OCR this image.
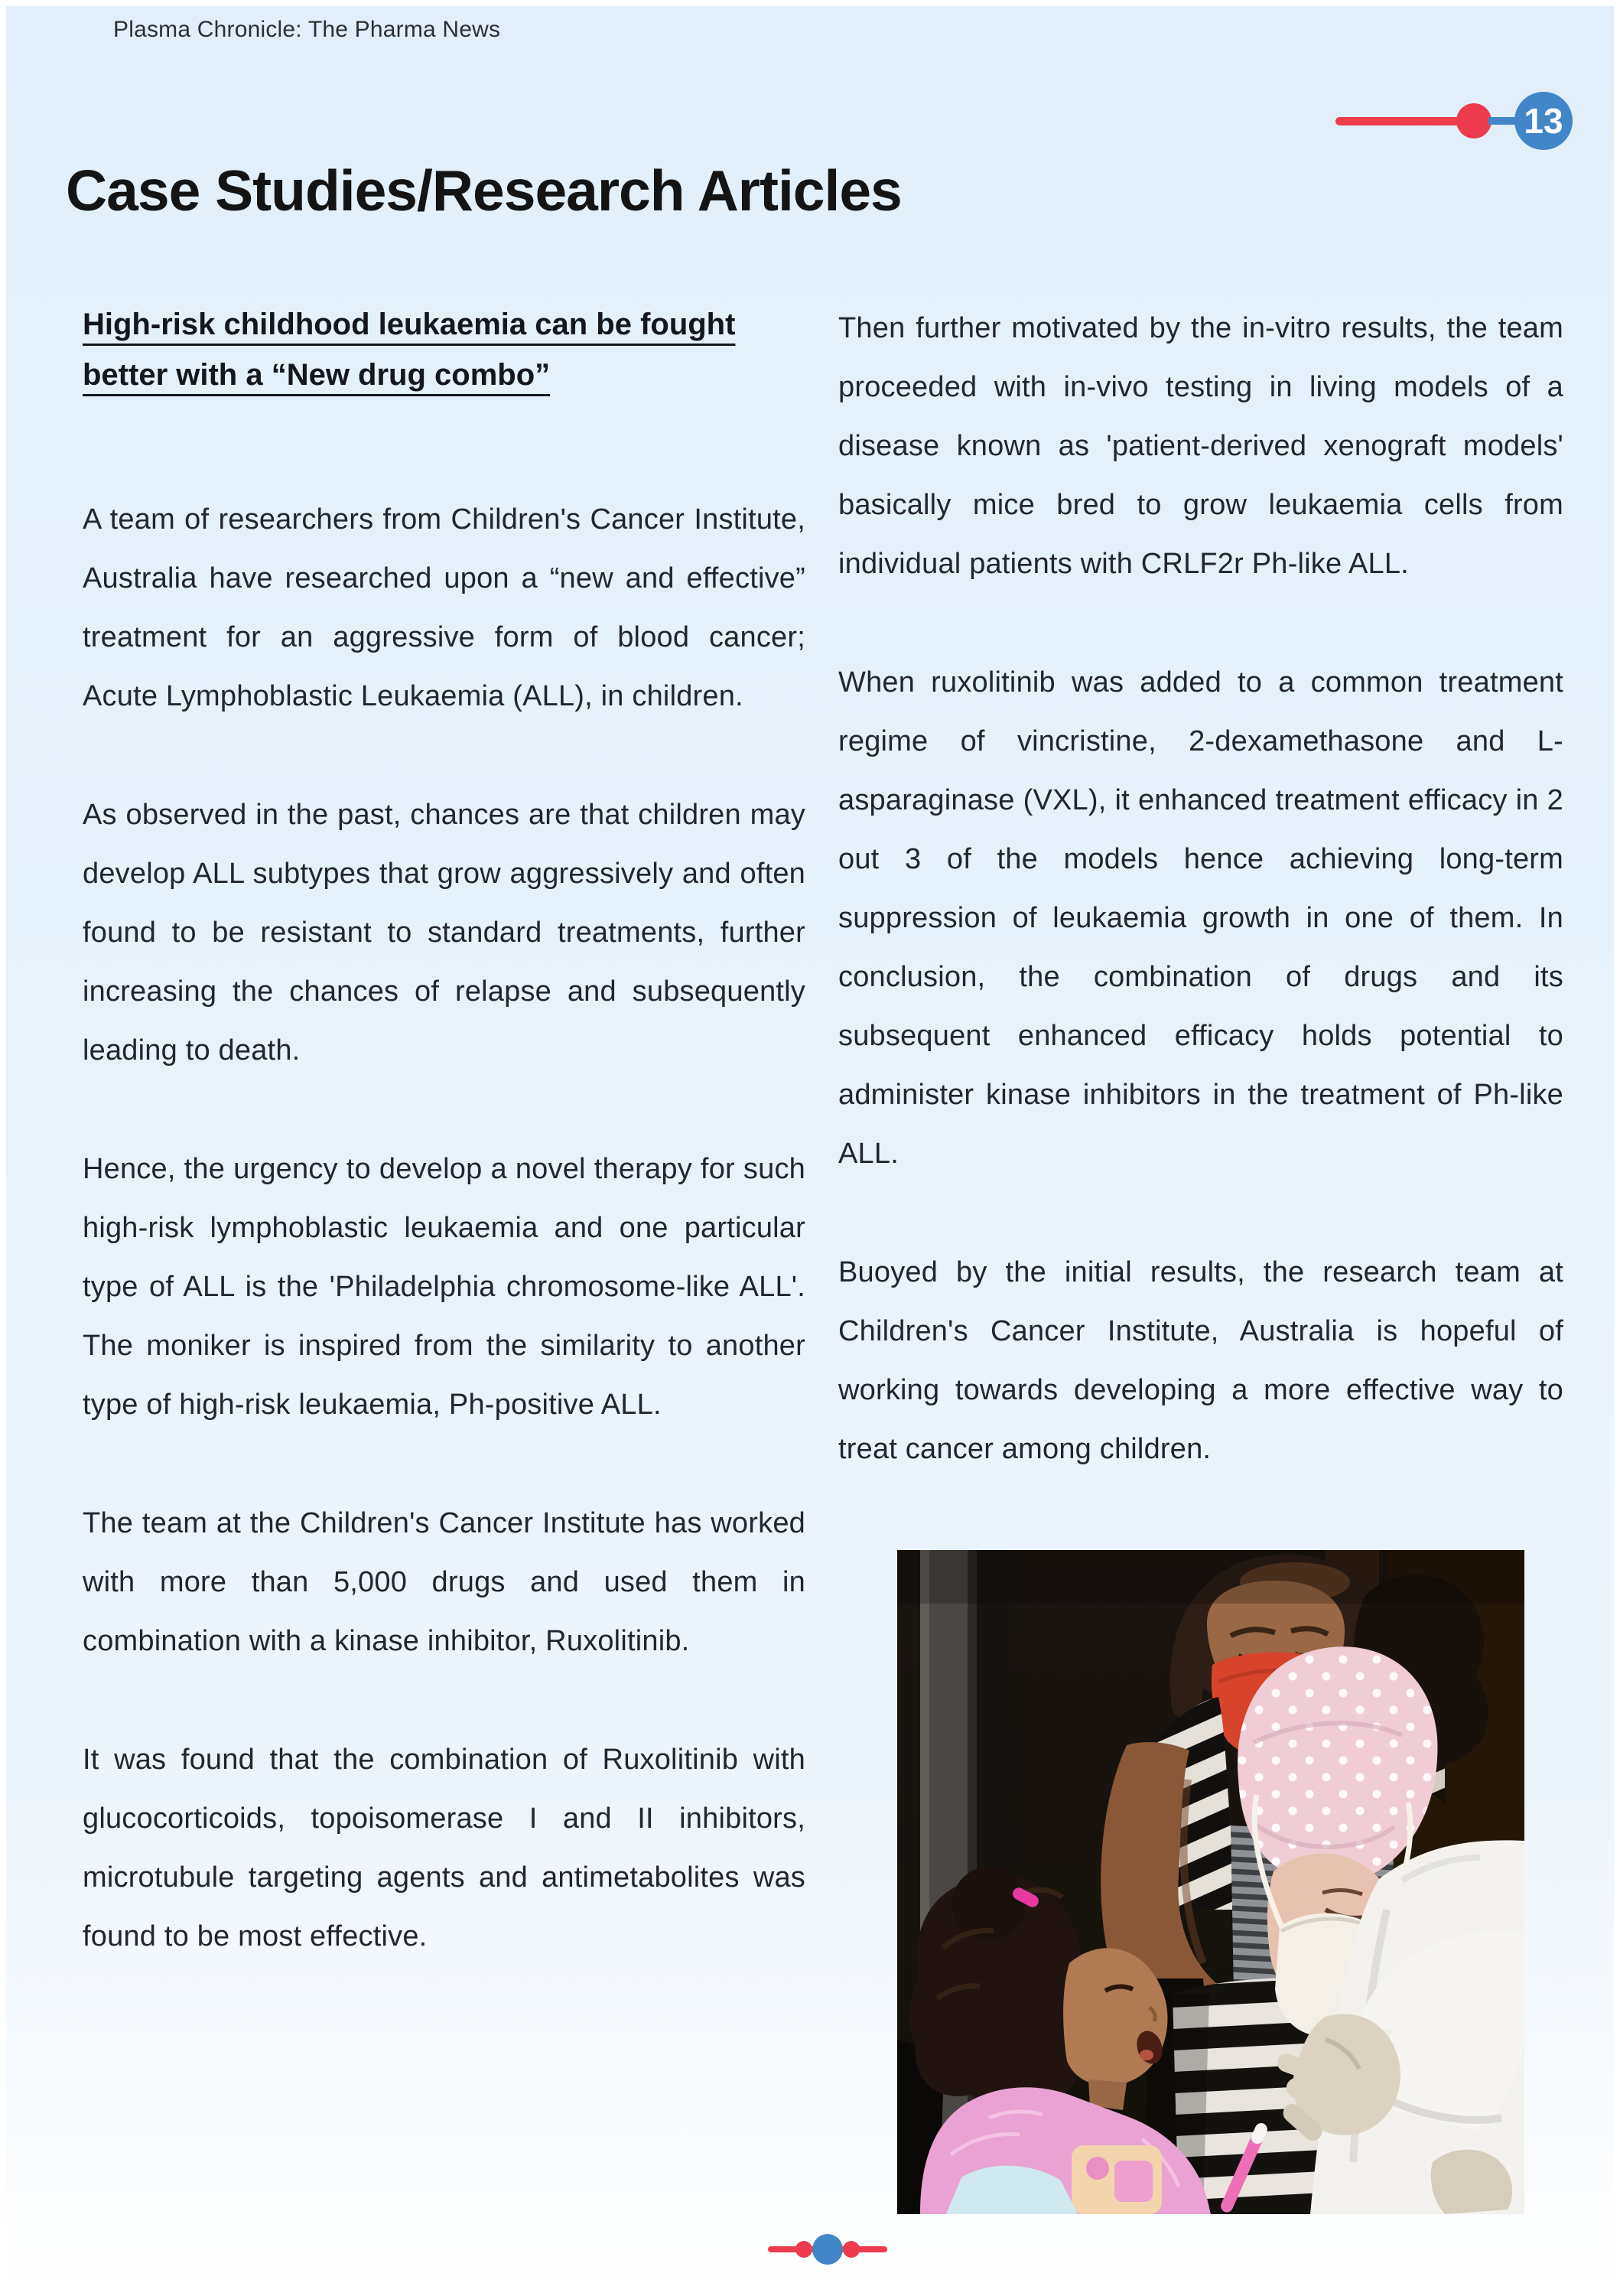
Plasma Chronicle: The Pharma News
13
Case Studies/Research Articles
High-risk childhood leukaemia can be fought better with a “New drug combo”

A team of researchers from Children's Cancer Institute, Australia have researched upon a “new and effective” treatment for an aggressive form of blood cancer; Acute Lymphoblastic Leukaemia (ALL), in children.

As observed in the past, chances are that children may develop ALL subtypes that grow aggressively and often found to be resistant to standard treatments, further increasing the chances of relapse and subsequently leading to death.

Hence, the urgency to develop a novel therapy for such high-risk lymphoblastic leukaemia and one particular type of ALL is the 'Philadelphia chromosome-like ALL'. The moniker is inspired from the similarity to another type of high-risk leukaemia, Ph-positive ALL.

The team at the Children's Cancer Institute has worked with more than 5,000 drugs and used them in combination with a kinase inhibitor, Ruxolitinib.

It was found that the combination of Ruxolitinib with glucocorticoids, topoisomerase I and II inhibitors, microtubule targeting agents and antimetabolites was found to be most effective.

Then further motivated by the in-vitro results, the team proceeded with in-vivo testing in living models of a disease known as 'patient-derived xenograft models' basically mice bred to grow leukaemia cells from individual patients with CRLF2r Ph-like ALL.

When ruxolitinib was added to a common treatment regime of vincristine, 2-dexamethasone and L-asparaginase (VXL), it enhanced treatment efficacy in 2 out 3 of the models hence achieving long-term suppression of leukaemia growth in one of them. In conclusion, the combination of drugs and its subsequent enhanced efficacy holds potential to administer kinase inhibitors in the treatment of Ph-like ALL.

Buoyed by the initial results, the research team at Children's Cancer Institute, Australia is hopeful of working towards developing a more effective way to treat cancer among children.
